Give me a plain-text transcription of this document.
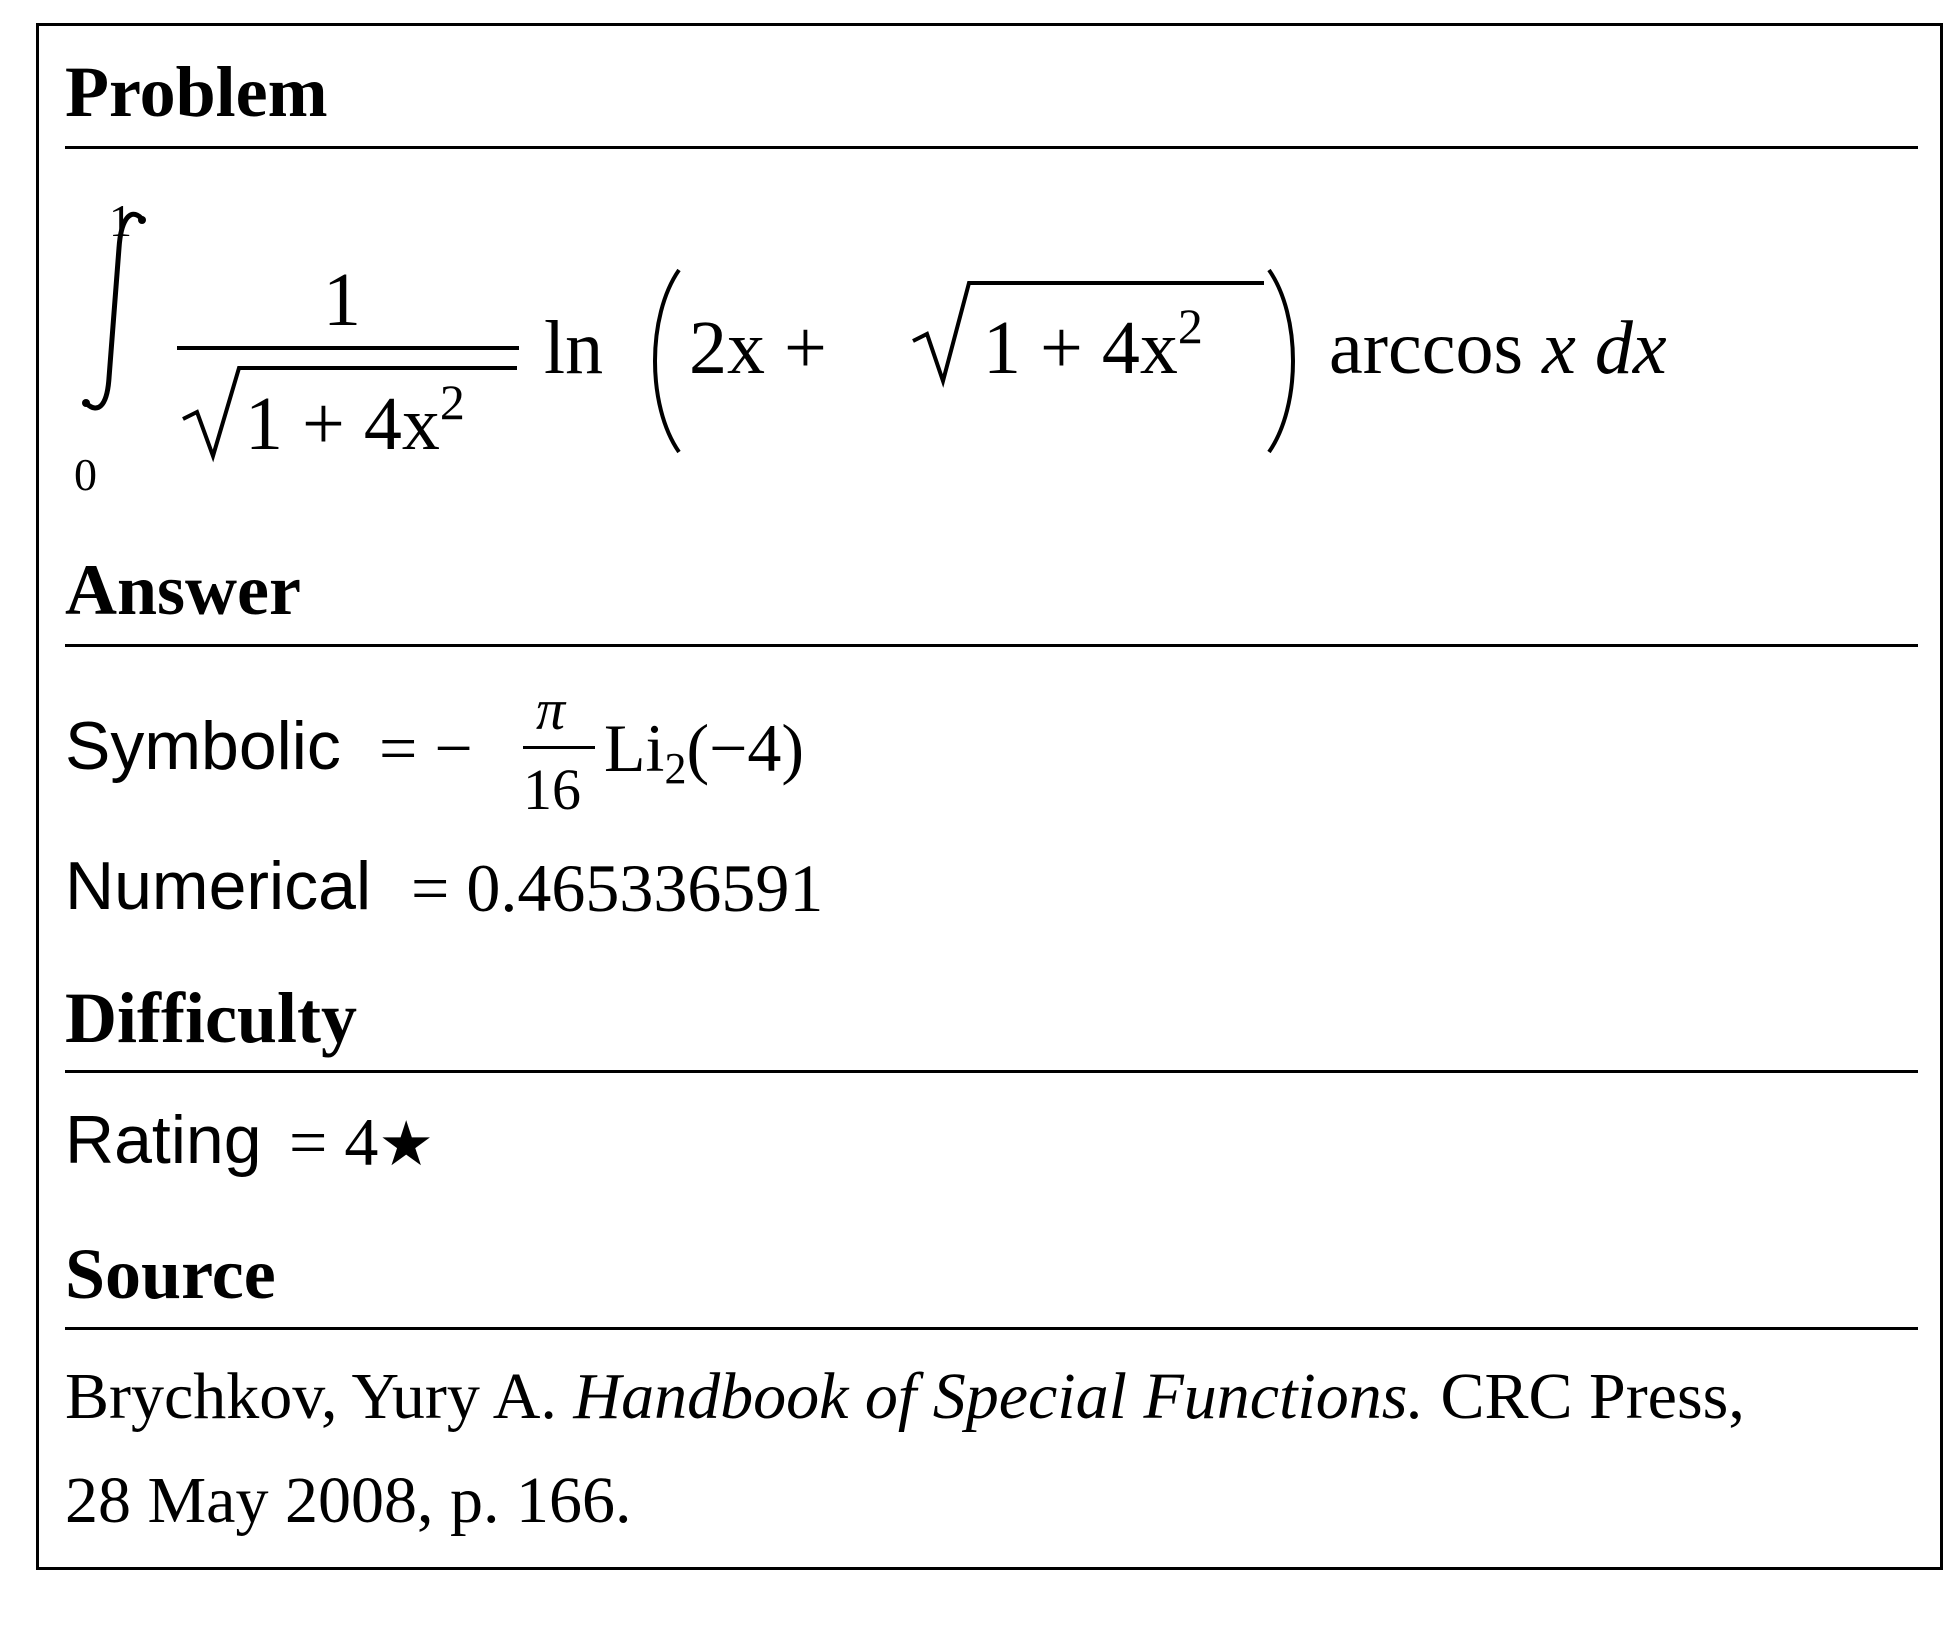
Problem
1
0
1
$1 + 4x^2$
$\ln 2x + 1 + 4x^2$ arccos x dx
Answer
Symbolic = −
π
16
Li2(−4)
Numerical = 0.465336591
Difficulty
Rating = 4★
Source
Brychkov, Yury A. Handbook of Special Functions. CRC Press,
28 May 2008, p. 166.
